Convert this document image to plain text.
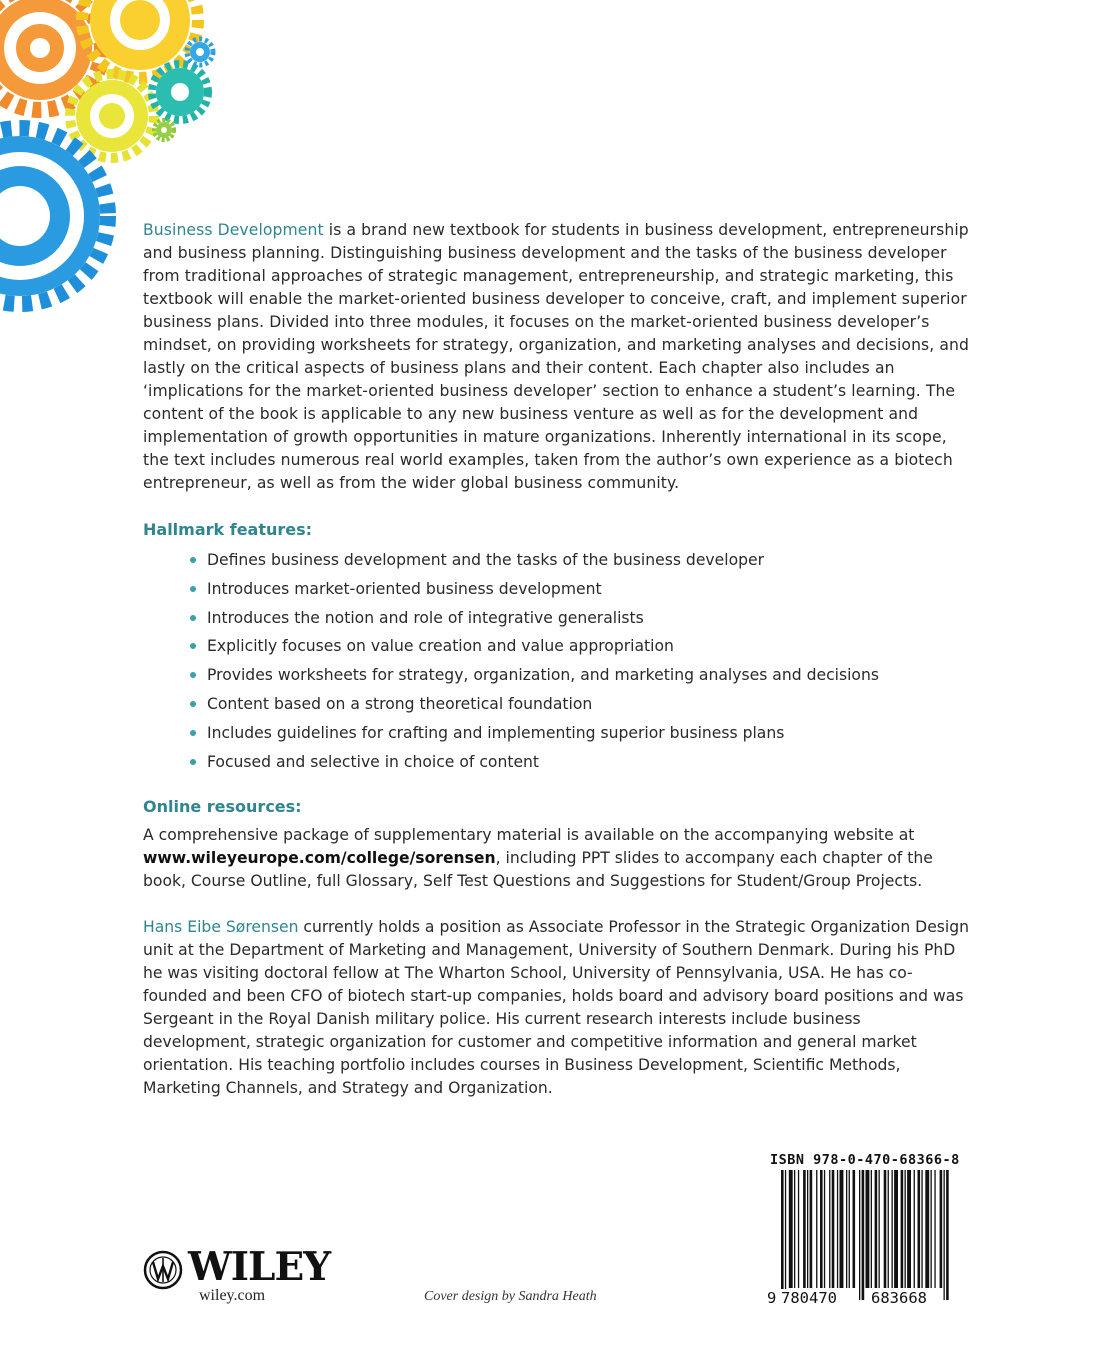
Business Development is a brand new textbook for students in business development, entrepreneurship and business planning. Distinguishing business development and the tasks of the business developer from traditional approaches of strategic management, entrepreneurship, and strategic marketing, this textbook will enable the market-oriented business developer to conceive, craft, and implement superior business plans. Divided into three modules, it focuses on the market-oriented business developer’s mindset, on providing worksheets for strategy, organization, and marketing analyses and decisions, and lastly on the critical aspects of business plans and their content. Each chapter also includes an ‘implications for the market-oriented business developer’ section to enhance a student’s learning. The content of the book is applicable to any new business venture as well as for the development and implementation of growth opportunities in mature organizations. Inherently international in its scope, the text includes numerous real world examples, taken from the author’s own experience as a biotech entrepreneur, as well as from the wider global business community.

Hallmark features:
Defines business development and the tasks of the business developer
Introduces market-oriented business development
Introduces the notion and role of integrative generalists
Explicitly focuses on value creation and value appropriation
Provides worksheets for strategy, organization, and marketing analyses and decisions
Content based on a strong theoretical foundation
Includes guidelines for crafting and implementing superior business plans
Focused and selective in choice of content
Online resources:

A comprehensive package of supplementary material is available on the accompanying website at www.wileyeurope.com/college/sorensen, including PPT slides to accompany each chapter of the book, Course Outline, full Glossary, Self Test Questions and Suggestions for Student/Group Projects.

Hans Eibe Sørensen currently holds a position as Associate Professor in the Strategic Organization Design unit at the Department of Marketing and Management, University of Southern Denmark. During his PhD he was visiting doctoral fellow at The Wharton School, University of Pennsylvania, USA. He has co-founded and been CFO of biotech start-up companies, holds board and advisory board positions and was Sergeant in the Royal Danish military police. His current research interests include business development, strategic organization for customer and competitive information and general market orientation. His teaching portfolio includes courses in Business Development, Scientific Methods, Marketing Channels, and Strategy and Organization.

WILEY
wiley.com	Cover design by Sandra Heath

ISBN 978-0-470-68366-8

9 780470 683668
